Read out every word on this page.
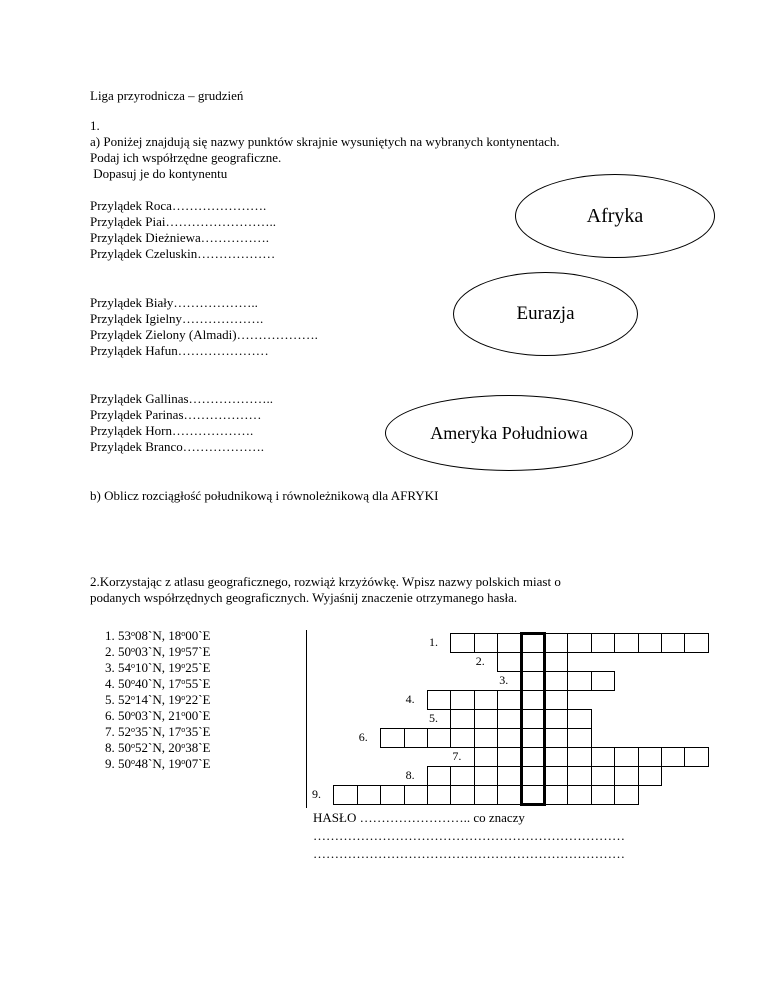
Liga przyrodnicza – grudzień
1.
a) Poniżej znajdują się nazwy punktów skrajnie wysuniętych na wybranych kontynentach.
Podaj ich współrzędne geograficzne.
Dopasuj je do kontynentu
Przylądek Roca………………….
Przylądek Piai……………………..
Przylądek Dieżniewa…………….
Przylądek Czeluskin………………
Przylądek Biały………………..
Przylądek Igielny……………….
Przylądek Zielony (Almadi)……………….
Przylądek Hafun…………………
Przylądek Gallinas………………..
Przylądek Parinas………………
Przylądek Horn……………….
Przylądek Branco……………….
Afryka
Eurazja
Ameryka Południowa
b) Oblicz rozciągłość południkową i równoleżnikową dla AFRYKI
2.Korzystając z atlasu geograficznego, rozwiąż krzyżówkę. Wpisz nazwy polskich miast o
podanych współrzędnych geograficznych. Wyjaśnij znaczenie otrzymanego hasła.
1. 53$^o$08`N, 18$^o$00`E
2. 50$^o$03`N, 19$^o$57`E
3. 54$^o$10`N, 19$^o$25`E
4. 50$^o$40`N, 17$^o$55`E
5. 52$^o$14`N, 19$^o$22`E
6. 50$^o$03`N, 21$^o$00`E
7. 52$^o$35`N, 17$^o$35`E
8. 50$^o$52`N, 20$^o$38`E
9. 50$^o$48`N, 19$^o$07`E
1.
2.
3.
4.
5.
6.
7.
8.
9.
HASŁO …………………….. co znaczy
………………………………………………………………
………………………………………………………………
